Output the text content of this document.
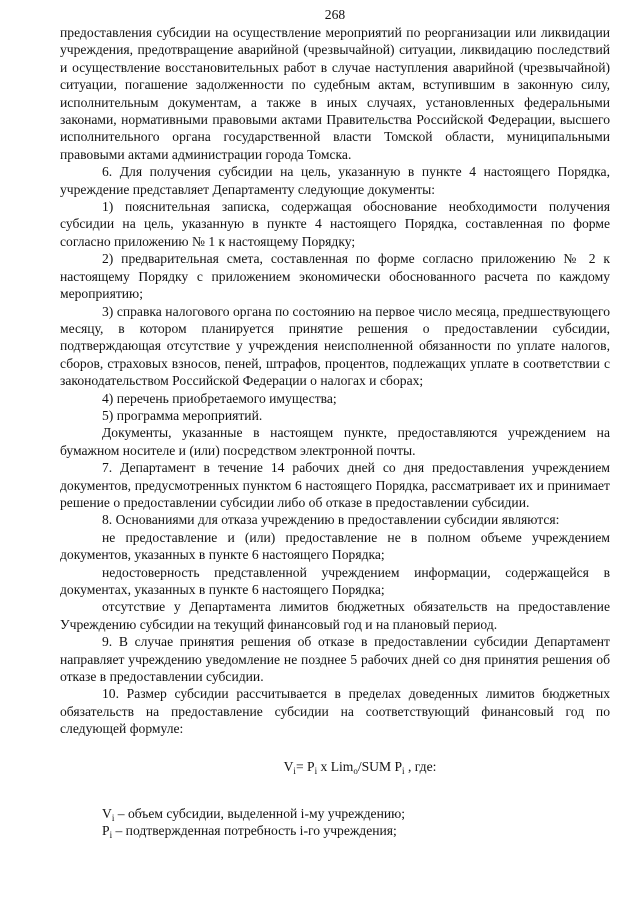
268

предоставления субсидии на осуществление мероприятий по реорганизации или ликвидации учреждения, предотвращение аварийной (чрезвычайной) ситуации, ликвидацию последствий и осуществление восстановительных работ в случае наступления аварийной (чрезвычайной) ситуации, погашение задолженности по судебным актам, вступившим в законную силу, исполнительным документам, а также в иных случаях, установленных федеральными законами, нормативными правовыми актами Правительства Российской Федерации, высшего исполнительного органа государственной власти Томской области, муниципальными правовыми актами администрации города Томска.

6. Для получения субсидии на цель, указанную в пункте 4 настоящего Порядка, учреждение представляет Департаменту следующие документы:

1) пояснительная записка, содержащая обоснование необходимости получения субсидии на цель, указанную в пункте 4 настоящего Порядка, составленная по форме согласно приложению № 1 к настоящему Порядку;

2) предварительная смета, составленная по форме согласно приложению № 2 к настоящему Порядку с приложением экономически обоснованного расчета по каждому мероприятию;

3) справка налогового органа по состоянию на первое число месяца, предшествующего месяцу, в котором планируется принятие решения о предоставлении субсидии, подтверждающая отсутствие у учреждения неисполненной обязанности по уплате налогов, сборов, страховых взносов, пеней, штрафов, процентов, подлежащих уплате в соответствии с законодательством Российской Федерации о налогах и сборах;

4) перечень приобретаемого имущества;

5) программа мероприятий.

Документы, указанные в настоящем пункте, предоставляются учреждением на бумажном носителе и (или) посредством электронной почты.

7. Департамент в течение 14 рабочих дней со дня предоставления учреждением документов, предусмотренных пунктом 6 настоящего Порядка, рассматривает их и принимает решение о предоставлении субсидии либо об отказе в предоставлении субсидии.

8. Основаниями для отказа учреждению в предоставлении субсидии являются:

не предоставление и (или) предоставление не в полном объеме учреждением документов, указанных в пункте 6 настоящего Порядка;

недостоверность представленной учреждением информации, содержащейся в документах, указанных в пункте 6 настоящего Порядка;

отсутствие у Департамента лимитов бюджетных обязательств на предоставление Учреждению субсидии на текущий финансовый год и на плановый период.

9. В случае принятия решения об отказе в предоставлении субсидии Департамент направляет учреждению уведомление не позднее 5 рабочих дней со дня принятия решения об отказе в предоставлении субсидии.

10. Размер субсидии рассчитывается в пределах доведенных лимитов бюджетных обязательств на предоставление субсидии на соответствующий финансовый год по следующей формуле:

$V_i= P_i$ x Lim$_o$/SUM $P_i$ , где:

$V_i$ – объем субсидии, выделенной i-му учреждению;

$P_i$ – подтвержденная потребность i-го учреждения;
